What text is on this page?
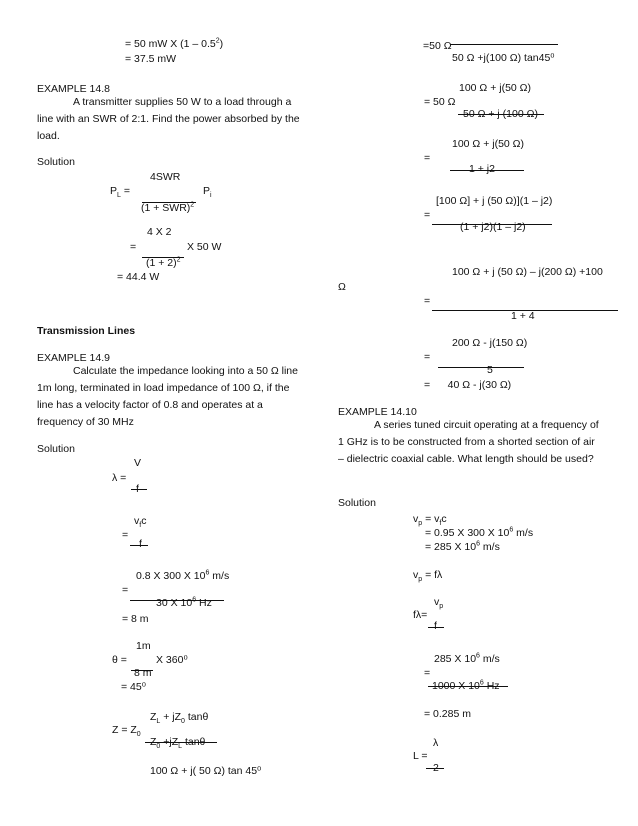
= 50 mW X $(1 - 0.5^2)$
= 37.5 mW
EXAMPLE 14.8
A transmitter supplies 50 W to a load through a line with an SWR of 2:1. Find the power absorbed by the load.
Solution
4SWR
$P_L$ =	$P_i$
(1 + SWR)$^2$
4 X 2
=	X 50 W
$(1 + 2)^2$
= 44.4 W
Transmission Lines
EXAMPLE 14.9
Calculate the impedance looking into a 50 Ω line 1m long, terminated in load impedance of 100 Ω, if the line has a velocity factor of 0.8 and operates at a frequency of 30 MHz
Solution
V
λ =
f
$v_fc$
=
f
0.8 X 300 X $10^6$ m/s
=
30 X $10^6$ Hz
= 8 m
1m
θ =	X 360⁰
8 m
= 45⁰
$Z_L + jZ_0$ tanθ
$Z = Z_0$
$Z_0 +jZ_L$ tanθ
100 Ω + j( 50 Ω) tan 45⁰
=50 Ω
50 Ω +j(100 Ω) tan45⁰
100 Ω + j(50 Ω)
= 50 Ω
50 Ω + j (100 Ω)
100 Ω + j(50 Ω)
=
1 + j2
[100 Ω] + j (50 Ω)](1 – j2)
=
(1 + j2)(1 – j2)
100 Ω + j (50 Ω) – j(200 Ω) +100
Ω
=
1 + 4
200 Ω - j(150 Ω)
=
5
=      40 Ω - j(30 Ω)
EXAMPLE 14.10
A series tuned circuit operating at a frequency of 1 GHz is to be constructed from a shorted section of air – dielectric coaxial cable. What length should be used?
Solution
$v_p = v_fc$
= 0.95 X 300 X $10^6$ m/s
= 285 X $10^6$ m/s
$v_p = f\lambda$
$v_p$
fλ=
f
285 X $10^6$ m/s
=
1000 X $10^6$ Hz
= 0.285 m
λ
L =
2
